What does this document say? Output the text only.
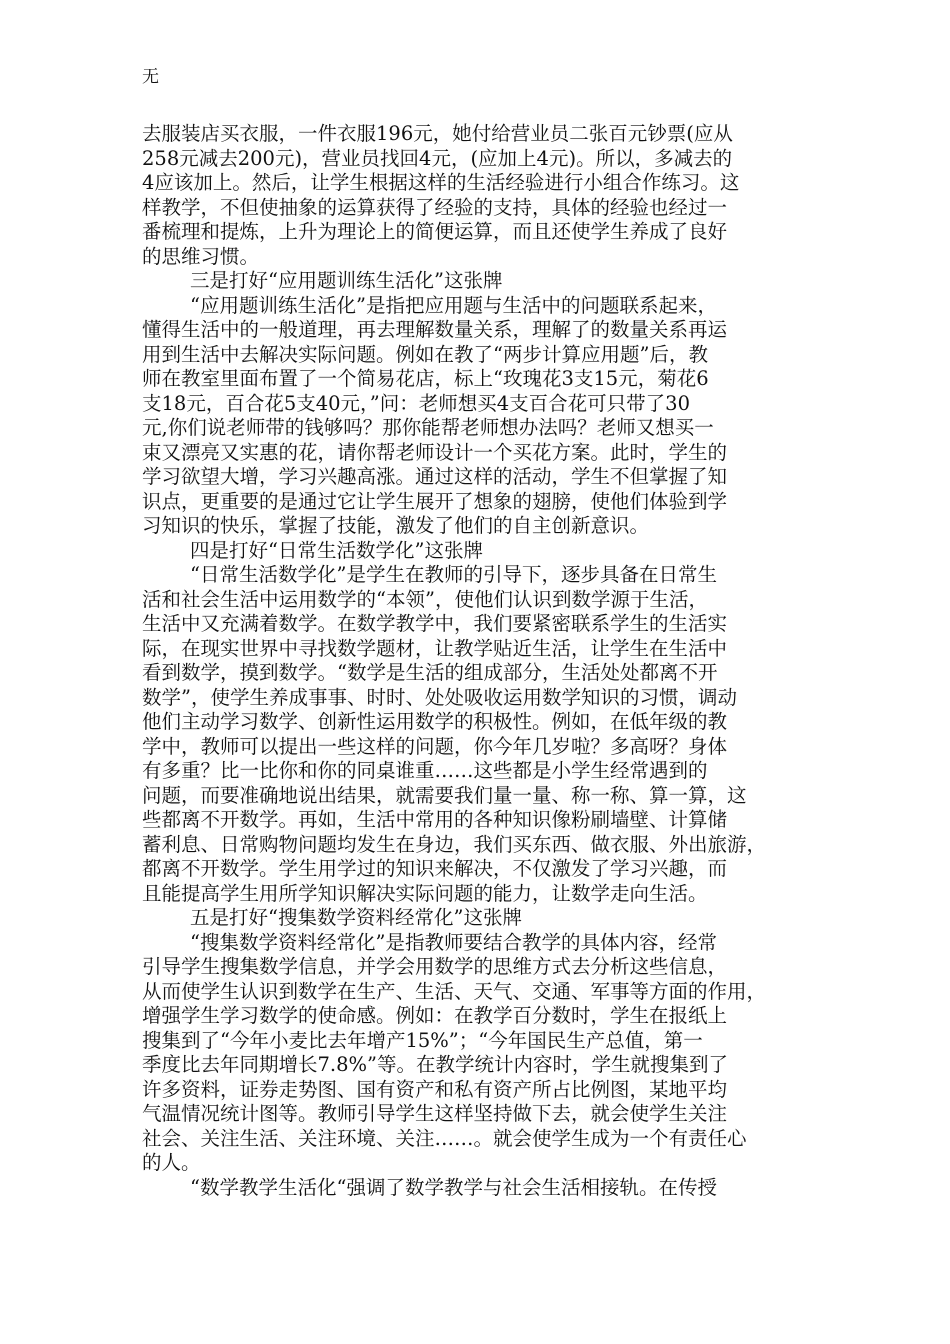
无
去服装店买衣服，一件衣服196元，她付给营业员二张百元钞票(应从
258元减去200元)，营业员找回4元，(应加上4元)。所以，多减去的
4应该加上。然后，让学生根据这样的生活经验进行小组合作练习。这
样教学，不但使抽象的运算获得了经验的支持，具体的经验也经过一
番梳理和提炼，上升为理论上的简便运算，而且还使学生养成了良好
的思维习惯。
三是打好“应用题训练生活化”这张牌
“应用题训练生活化”是指把应用题与生活中的问题联系起来，
懂得生活中的一般道理，再去理解数量关系，理解了的数量关系再运
用到生活中去解决实际问题。例如在教了“两步计算应用题”后，教
师在教室里面布置了一个简易花店，标上“玫瑰花3支15元，菊花6
支18元，百合花5支40元，”问：老师想买4支百合花可只带了30
元,你们说老师带的钱够吗？那你能帮老师想办法吗？老师又想买一
束又漂亮又实惠的花，请你帮老师设计一个买花方案。此时，学生的
学习欲望大增，学习兴趣高涨。通过这样的活动，学生不但掌握了知
识点，更重要的是通过它让学生展开了想象的翅膀，使他们体验到学
习知识的快乐，掌握了技能，激发了他们的自主创新意识。
四是打好“日常生活数学化”这张牌
“日常生活数学化”是学生在教师的引导下，逐步具备在日常生
活和社会生活中运用数学的“本领”，使他们认识到数学源于生活，
生活中又充满着数学。在数学教学中，我们要紧密联系学生的生活实
际，在现实世界中寻找数学题材，让教学贴近生活，让学生在生活中
看到数学，摸到数学。“数学是生活的组成部分，生活处处都离不开
数学”，使学生养成事事、时时、处处吸收运用数学知识的习惯，调动
他们主动学习数学、创新性运用数学的积极性。例如，在低年级的教
学中，教师可以提出一些这样的问题，你今年几岁啦？多高呀？身体
有多重？比一比你和你的同桌谁重……这些都是小学生经常遇到的
问题，而要准确地说出结果，就需要我们量一量、称一称、算一算，这
些都离不开数学。再如，生活中常用的各种知识像粉刷墙壁、计算储
蓄利息、日常购物问题均发生在身边，我们买东西、做衣服、外出旅游，
都离不开数学。学生用学过的知识来解决，不仅激发了学习兴趣，而
且能提高学生用所学知识解决实际问题的能力，让数学走向生活。
五是打好“搜集数学资料经常化”这张牌
“搜集数学资料经常化”是指教师要结合教学的具体内容，经常
引导学生搜集数学信息，并学会用数学的思维方式去分析这些信息，
从而使学生认识到数学在生产、生活、天气、交通、军事等方面的作用，
增强学生学习数学的使命感。例如：在教学百分数时，学生在报纸上
搜集到了“今年小麦比去年增产15%”；“今年国民生产总值，第一
季度比去年同期增长7.8%”等。在教学统计内容时，学生就搜集到了
许多资料，证券走势图、国有资产和私有资产所占比例图，某地平均
气温情况统计图等。教师引导学生这样坚持做下去，就会使学生关注
社会、关注生活、关注环境、关注……。就会使学生成为一个有责任心
的人。
“数学教学生活化“强调了数学教学与社会生活相接轨。在传授
